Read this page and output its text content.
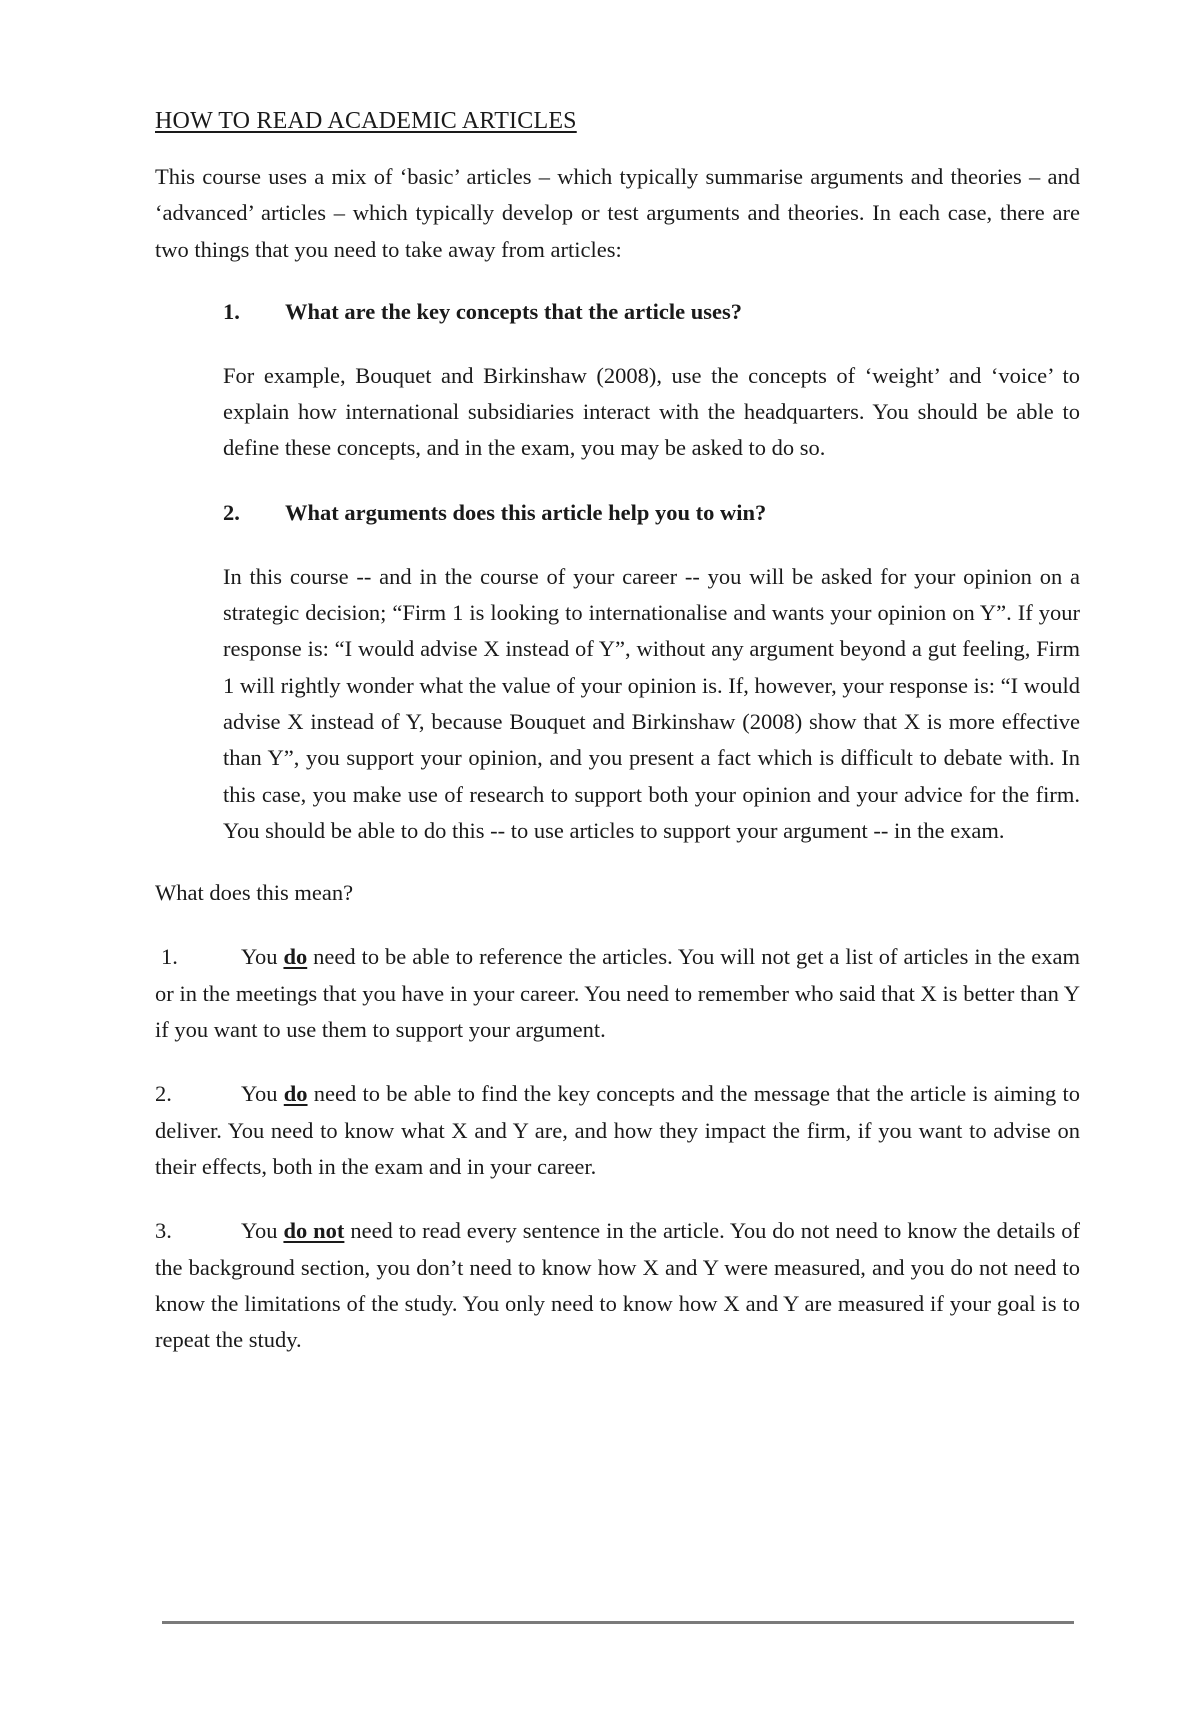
HOW TO READ ACADEMIC ARTICLES

This course uses a mix of ‘basic’ articles – which typically summarise arguments and theories – and ‘advanced’ articles – which typically develop or test arguments and theories. In each case, there are two things that you need to take away from articles:

1.	What are the key concepts that the article uses?

For example, Bouquet and Birkinshaw (2008), use the concepts of ‘weight’ and ‘voice’ to explain how international subsidiaries interact with the headquarters. You should be able to define these concepts, and in the exam, you may be asked to do so.

2.	What arguments does this article help you to win?

In this course -- and in the course of your career -- you will be asked for your opinion on a strategic decision; “Firm 1 is looking to internationalise and wants your opinion on Y”. If your response is: “I would advise X instead of Y”, without any argument beyond a gut feeling, Firm 1 will rightly wonder what the value of your opinion is. If, however, your response is: “I would advise X instead of Y, because Bouquet and Birkinshaw (2008) show that X is more effective than Y”, you support your opinion, and you present a fact which is difficult to debate with. In this case, you make use of research to support both your opinion and your advice for the firm. You should be able to do this -- to use articles to support your argument -- in the exam.

What does this mean?

1.	You do need to be able to reference the articles. You will not get a list of articles in the exam or in the meetings that you have in your career. You need to remember who said that X is better than Y if you want to use them to support your argument.

2.	You do need to be able to find the key concepts and the message that the article is aiming to deliver. You need to know what X and Y are, and how they impact the firm, if you want to advise on their effects, both in the exam and in your career.

3.	You do not need to read every sentence in the article. You do not need to know the details of the background section, you don’t need to know how X and Y were measured, and you do not need to know the limitations of the study. You only need to know how X and Y are measured if your goal is to repeat the study.
